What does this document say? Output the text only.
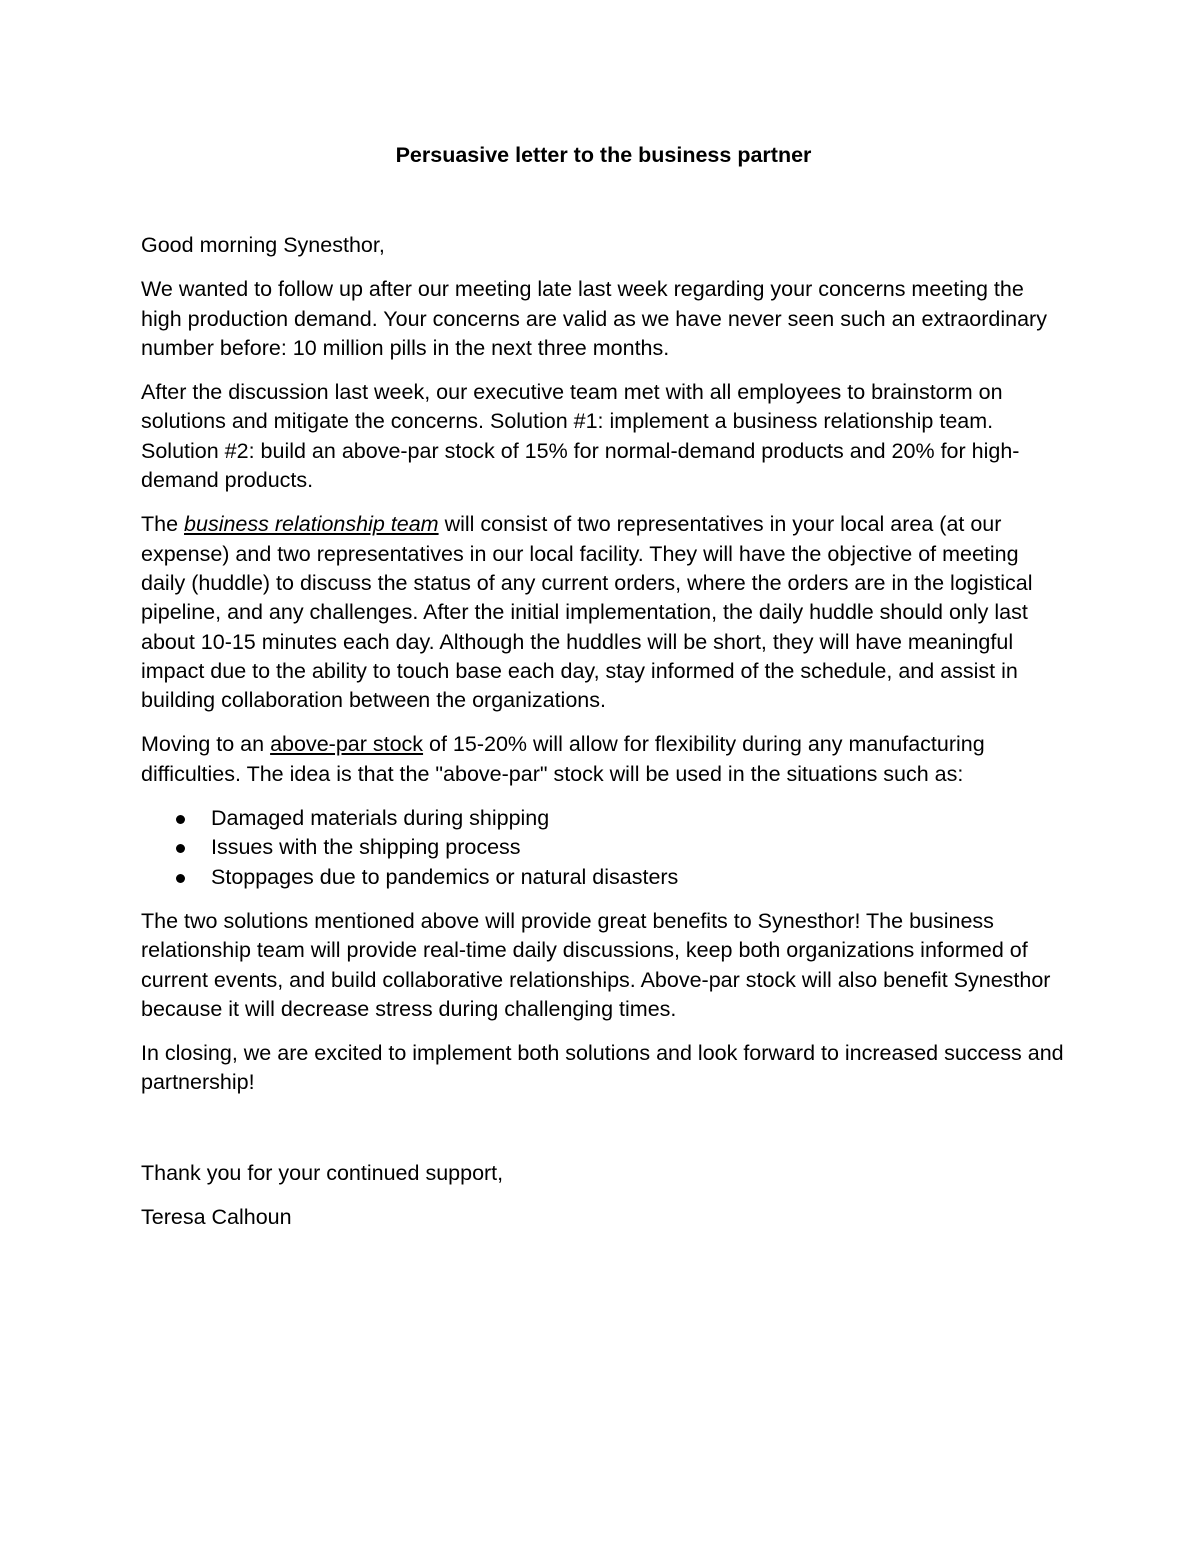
Persuasive letter to the business partner

Good morning Synesthor,

We wanted to follow up after our meeting late last week regarding your concerns meeting the high production demand. Your concerns are valid as we have never seen such an extraordinary number before: 10 million pills in the next three months.

After the discussion last week, our executive team met with all employees to brainstorm on solutions and mitigate the concerns. Solution #1: implement a business relationship team. Solution #2: build an above-par stock of 15% for normal-demand products and 20% for high-demand products.

The business relationship team will consist of two representatives in your local area (at our expense) and two representatives in our local facility. They will have the objective of meeting daily (huddle) to discuss the status of any current orders, where the orders are in the logistical pipeline, and any challenges. After the initial implementation, the daily huddle should only last about 10-15 minutes each day. Although the huddles will be short, they will have meaningful impact due to the ability to touch base each day, stay informed of the schedule, and assist in building collaboration between the organizations.

Moving to an above-par stock of 15-20% will allow for flexibility during any manufacturing difficulties. The idea is that the "above-par" stock will be used in the situations such as:

Damaged materials during shipping
Issues with the shipping process
Stoppages due to pandemics or natural disasters

The two solutions mentioned above will provide great benefits to Synesthor! The business relationship team will provide real-time daily discussions, keep both organizations informed of current events, and build collaborative relationships. Above-par stock will also benefit Synesthor because it will decrease stress during challenging times.

In closing, we are excited to implement both solutions and look forward to increased success and partnership!

Thank you for your continued support,

Teresa Calhoun
